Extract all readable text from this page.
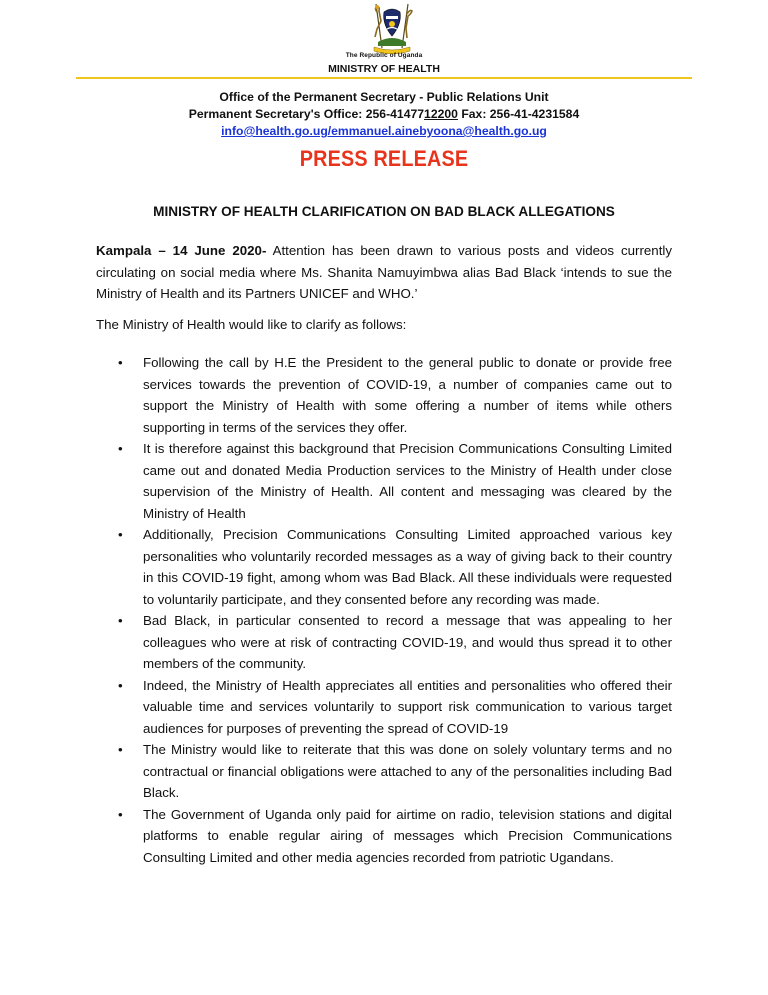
The Republic of Uganda
MINISTRY OF HEALTH
Office of the Permanent Secretary - Public Relations Unit
Permanent Secretary's Office: 256-4147712200 Fax: 256-41-4231584
info@health.go.ug/emmanuel.ainebyoona@health.go.ug
PRESS RELEASE
MINISTRY OF HEALTH CLARIFICATION ON BAD BLACK ALLEGATIONS
Kampala – 14 June 2020- Attention has been drawn to various posts and videos currently circulating on social media where Ms. Shanita Namuyimbwa alias Bad Black ‘intends to sue the Ministry of Health and its Partners UNICEF and WHO.’
The Ministry of Health would like to clarify as follows:
• Following the call by H.E the President to the general public to donate or provide free services towards the prevention of COVID-19, a number of companies came out to support the Ministry of Health with some offering a number of items while others supporting in terms of the services they offer.
• It is therefore against this background that Precision Communications Consulting Limited came out and donated Media Production services to the Ministry of Health under close supervision of the Ministry of Health. All content and messaging was cleared by the Ministry of Health
• Additionally, Precision Communications Consulting Limited approached various key personalities who voluntarily recorded messages as a way of giving back to their country in this COVID-19 fight, among whom was Bad Black. All these individuals were requested to voluntarily participate, and they consented before any recording was made.
• Bad Black, in particular consented to record a message that was appealing to her colleagues who were at risk of contracting COVID-19, and would thus spread it to other members of the community.
• Indeed, the Ministry of Health appreciates all entities and personalities who offered their valuable time and services voluntarily to support risk communication to various target audiences for purposes of preventing the spread of COVID-19
• The Ministry would like to reiterate that this was done on solely voluntary terms and no contractual or financial obligations were attached to any of the personalities including Bad Black.
• The Government of Uganda only paid for airtime on radio, television stations and digital platforms to enable regular airing of messages which Precision Communications Consulting Limited and other media agencies recorded from patriotic Ugandans.
